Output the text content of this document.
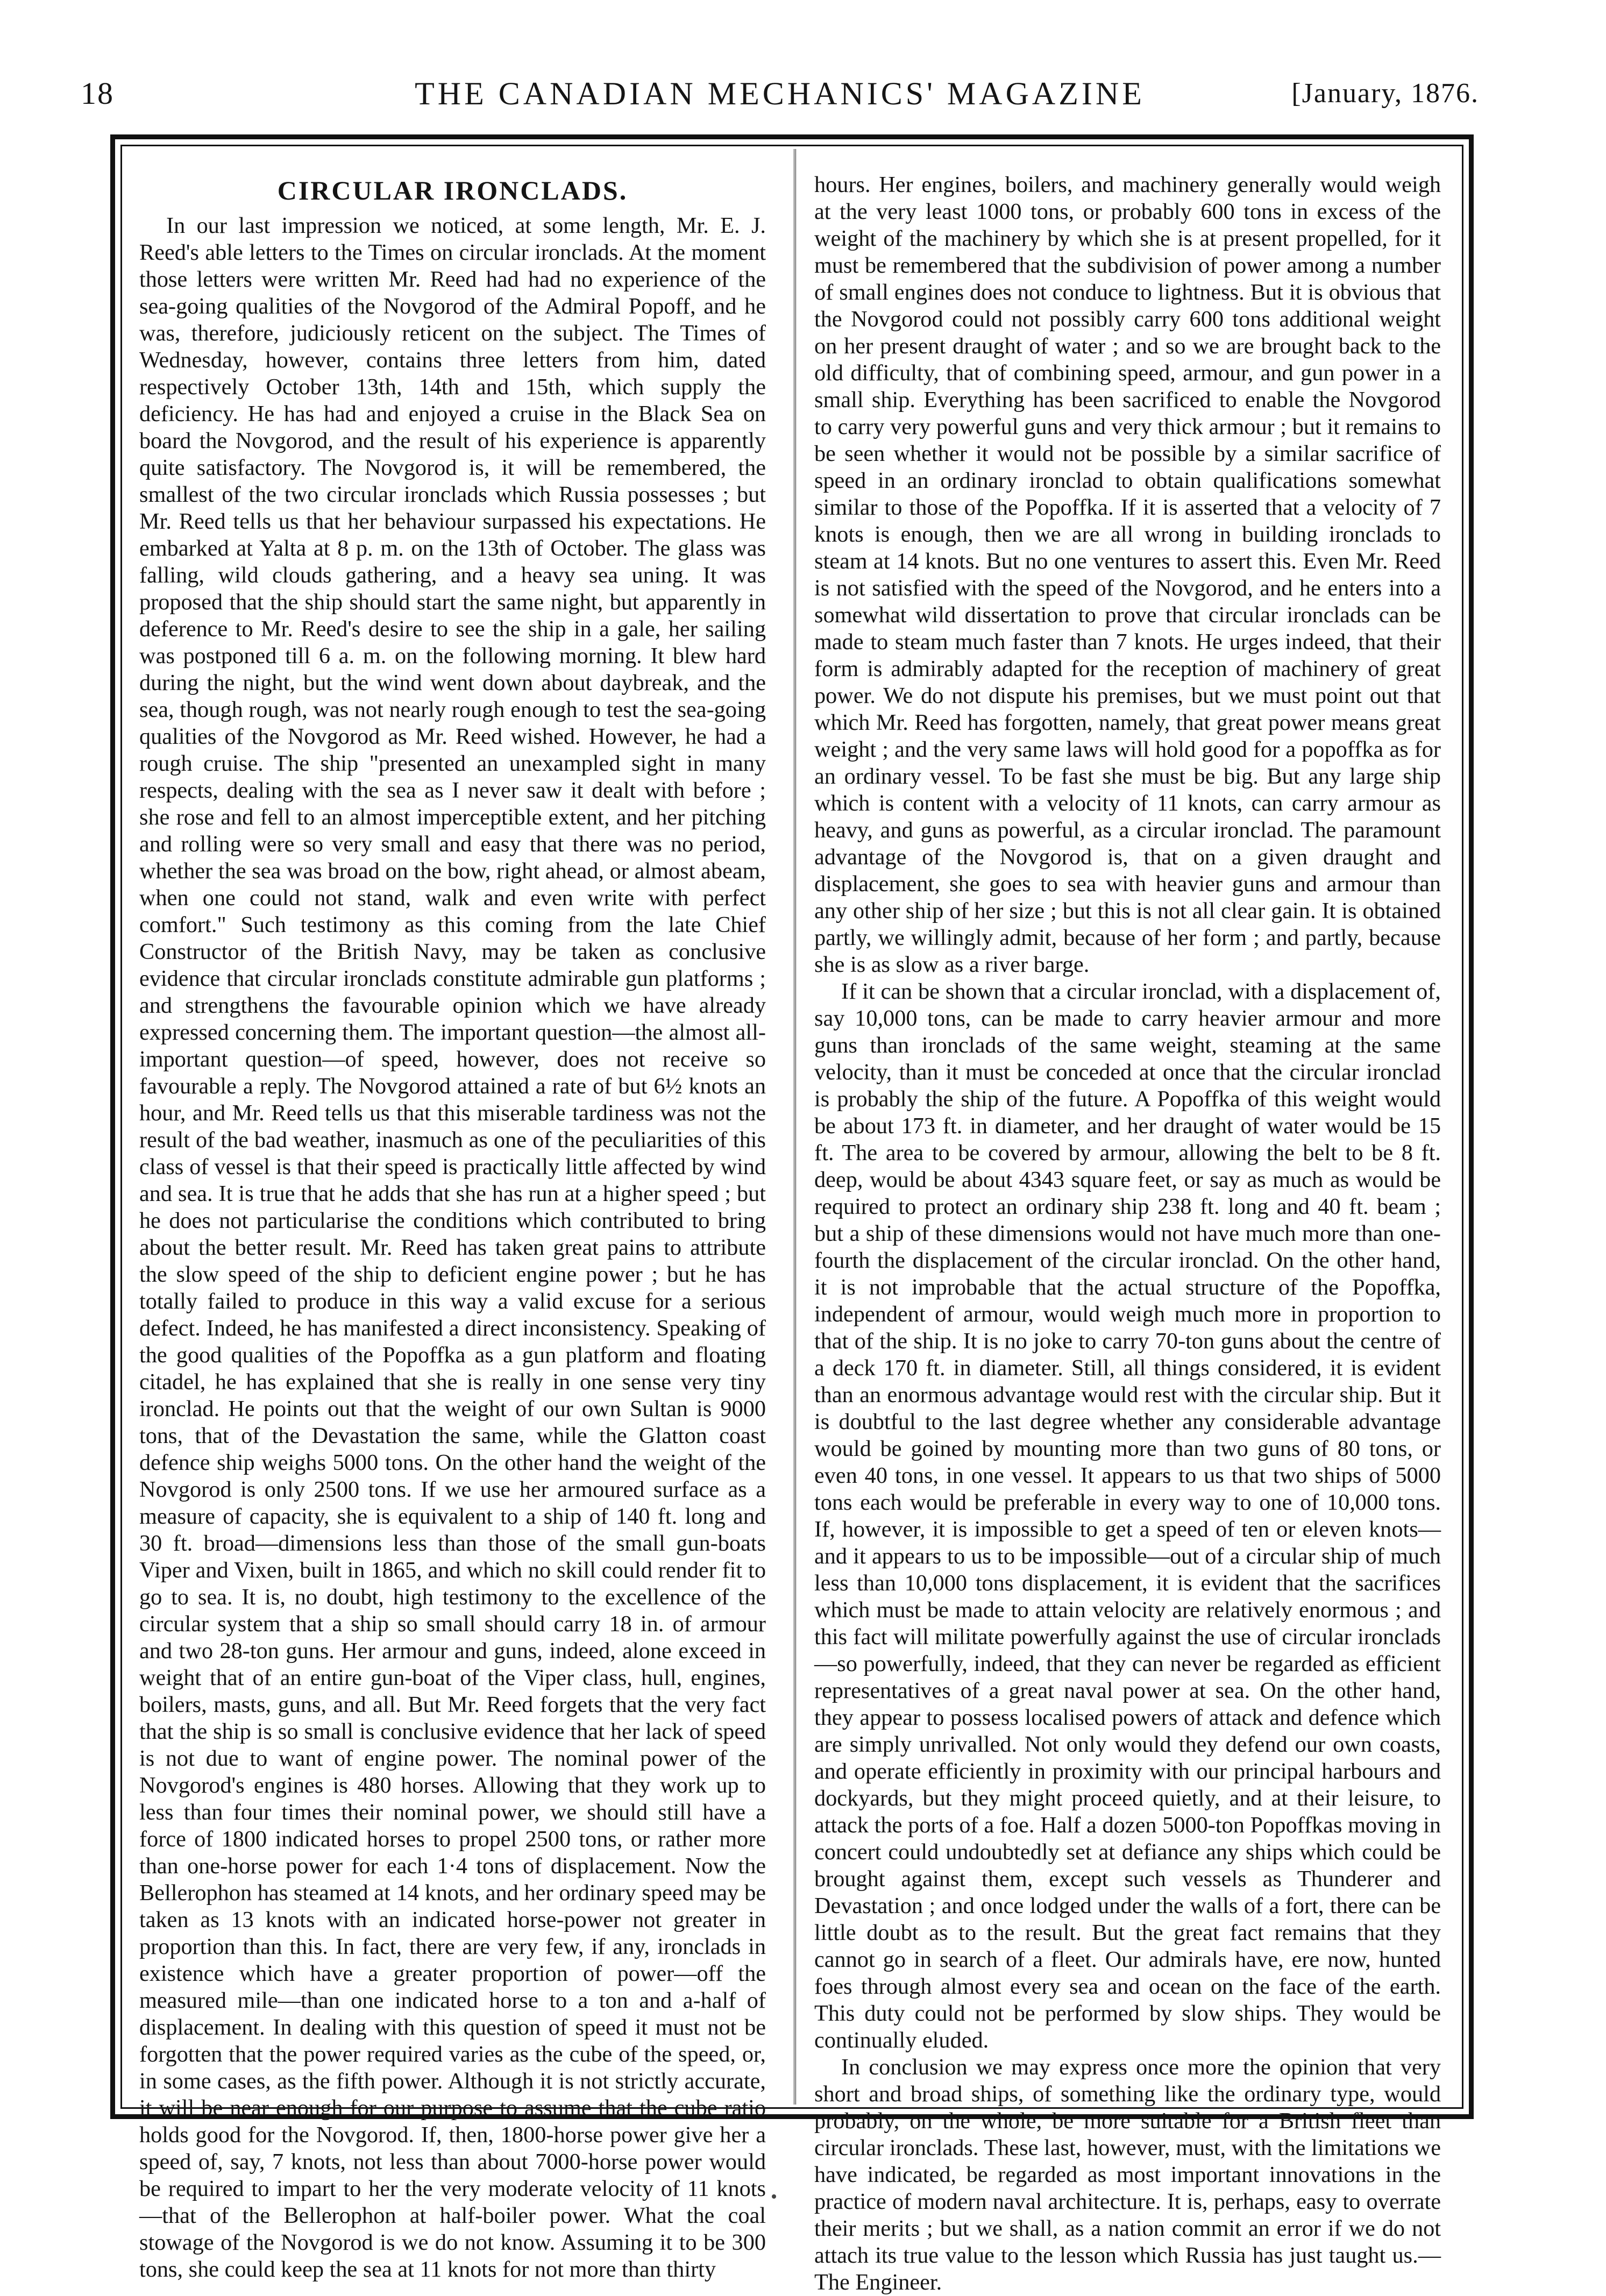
18	THE CANADIAN MECHANICS' MAGAZINE	[January, 1876.
CIRCULAR IRONCLADS.

In our last impression we noticed, at some length, Mr. E. J. Reed's able letters to the Times on circular ironclads. At the moment those letters were written Mr. Reed had had no experience of the sea-going qualities of the Novgorod of the Admiral Popoff, and he was, therefore, judiciously reticent on the subject. The Times of Wednesday, however, contains three letters from him, dated respectively October 13th, 14th and 15th, which supply the deficiency. He has had and enjoyed a cruise in the Black Sea on board the Novgorod, and the result of his experience is apparently quite satisfactory. The Novgorod is, it will be remembered, the smallest of the two circular ironclads which Russia possesses ; but Mr. Reed tells us that her behaviour surpassed his expectations. He embarked at Yalta at 8 p. m. on the 13th of October. The glass was falling, wild clouds gathering, and a heavy sea uning. It was proposed that the ship should start the same night, but apparently in deference to Mr. Reed's desire to see the ship in a gale, her sailing was postponed till 6 a. m. on the following morning. It blew hard during the night, but the wind went down about daybreak, and the sea, though rough, was not nearly rough enough to test the sea-going qualities of the Novgorod as Mr. Reed wished. However, he had a rough cruise. The ship "presented an unexampled sight in many respects, dealing with the sea as I never saw it dealt with before ; she rose and fell to an almost imperceptible extent, and her pitching and rolling were so very small and easy that there was no period, whether the sea was broad on the bow, right ahead, or almost abeam, when one could not stand, walk and even write with perfect comfort." Such testimony as this coming from the late Chief Constructor of the British Navy, may be taken as conclusive evidence that circular ironclads constitute admirable gun platforms ; and strengthens the favourable opinion which we have already expressed concerning them. The important question—the almost all-important question—of speed, however, does not receive so favourable a reply. The Novgorod attained a rate of but 6½ knots an hour, and Mr. Reed tells us that this miserable tardiness was not the result of the bad weather, inasmuch as one of the peculiarities of this class of vessel is that their speed is practically little affected by wind and sea. It is true that he adds that she has run at a higher speed ; but he does not particularise the conditions which contributed to bring about the better result. Mr. Reed has taken great pains to attribute the slow speed of the ship to deficient engine power ; but he has totally failed to produce in this way a valid excuse for a serious defect. Indeed, he has manifested a direct inconsistency. Speaking of the good qualities of the Popoffka as a gun platform and floating citadel, he has explained that she is really in one sense very tiny ironclad. He points out that the weight of our own Sultan is 9000 tons, that of the Devastation the same, while the Glatton coast defence ship weighs 5000 tons. On the other hand the weight of the Novgorod is only 2500 tons. If we use her armoured surface as a measure of capacity, she is equivalent to a ship of 140 ft. long and 30 ft. broad—dimensions less than those of the small gun-boats Viper and Vixen, built in 1865, and which no skill could render fit to go to sea. It is, no doubt, high testimony to the excellence of the circular system that a ship so small should carry 18 in. of armour and two 28-ton guns. Her armour and guns, indeed, alone exceed in weight that of an entire gun-boat of the Viper class, hull, engines, boilers, masts, guns, and all. But Mr. Reed forgets that the very fact that the ship is so small is conclusive evidence that her lack of speed is not due to want of engine power. The nominal power of the Novgorod's engines is 480 horses. Allowing that they work up to less than four times their nominal power, we should still have a force of 1800 indicated horses to propel 2500 tons, or rather more than one-horse power for each 1·4 tons of displacement. Now the Bellerophon has steamed at 14 knots, and her ordinary speed may be taken as 13 knots with an indicated horse-power not greater in proportion than this. In fact, there are very few, if any, ironclads in existence which have a greater proportion of power—off the measured mile—than one indicated horse to a ton and a-half of displacement. In dealing with this question of speed it must not be forgotten that the power required varies as the cube of the speed, or, in some cases, as the fifth power. Although it is not strictly accurate, it will be near enough for our purpose to assume that the cube ratio holds good for the Novgorod. If, then, 1800-horse power give her a speed of, say, 7 knots, not less than about 7000-horse power would be required to impart to her the very moderate velocity of 11 knots—that of the Bellerophon at half-boiler power. What the coal stowage of the Novgorod is we do not know. Assuming it to be 300 tons, she could keep the sea at 11 knots for not more than thirty

hours. Her engines, boilers, and machinery generally would weigh at the very least 1000 tons, or probably 600 tons in excess of the weight of the machinery by which she is at present propelled, for it must be remembered that the subdivision of power among a number of small engines does not conduce to lightness. But it is obvious that the Novgorod could not possibly carry 600 tons additional weight on her present draught of water ; and so we are brought back to the old difficulty, that of combining speed, armour, and gun power in a small ship. Everything has been sacrificed to enable the Novgorod to carry very powerful guns and very thick armour ; but it remains to be seen whether it would not be possible by a similar sacrifice of speed in an ordinary ironclad to obtain qualifications somewhat similar to those of the Popoffka. If it is asserted that a velocity of 7 knots is enough, then we are all wrong in building ironclads to steam at 14 knots. But no one ventures to assert this. Even Mr. Reed is not satisfied with the speed of the Novgorod, and he enters into a somewhat wild dissertation to prove that circular ironclads can be made to steam much faster than 7 knots. He urges indeed, that their form is admirably adapted for the reception of machinery of great power. We do not dispute his premises, but we must point out that which Mr. Reed has forgotten, namely, that great power means great weight ; and the very same laws will hold good for a popoffka as for an ordinary vessel. To be fast she must be big. But any large ship which is content with a velocity of 11 knots, can carry armour as heavy, and guns as powerful, as a circular ironclad. The paramount advantage of the Novgorod is, that on a given draught and displacement, she goes to sea with heavier guns and armour than any other ship of her size ; but this is not all clear gain. It is obtained partly, we willingly admit, because of her form ; and partly, because she is as slow as a river barge.

If it can be shown that a circular ironclad, with a displacement of, say 10,000 tons, can be made to carry heavier armour and more guns than ironclads of the same weight, steaming at the same velocity, than it must be conceded at once that the circular ironclad is probably the ship of the future. A Popoffka of this weight would be about 173 ft. in diameter, and her draught of water would be 15 ft. The area to be covered by armour, allowing the belt to be 8 ft. deep, would be about 4343 square feet, or say as much as would be required to protect an ordinary ship 238 ft. long and 40 ft. beam ; but a ship of these dimensions would not have much more than one-fourth the displacement of the circular ironclad. On the other hand, it is not improbable that the actual structure of the Popoffka, independent of armour, would weigh much more in proportion to that of the ship. It is no joke to carry 70-ton guns about the centre of a deck 170 ft. in diameter. Still, all things considered, it is evident than an enormous advantage would rest with the circular ship. But it is doubtful to the last degree whether any considerable advantage would be goined by mounting more than two guns of 80 tons, or even 40 tons, in one vessel. It appears to us that two ships of 5000 tons each would be preferable in every way to one of 10,000 tons. If, however, it is impossible to get a speed of ten or eleven knots—and it appears to us to be impossible—out of a circular ship of much less than 10,000 tons displacement, it is evident that the sacrifices which must be made to attain velocity are relatively enormous ; and this fact will militate powerfully against the use of circular ironclads—so powerfully, indeed, that they can never be regarded as efficient representatives of a great naval power at sea. On the other hand, they appear to possess localised powers of attack and defence which are simply unrivalled. Not only would they defend our own coasts, and operate efficiently in proximity with our principal harbours and dockyards, but they might proceed quietly, and at their leisure, to attack the ports of a foe. Half a dozen 5000-ton Popoffkas moving in concert could undoubtedly set at defiance any ships which could be brought against them, except such vessels as Thunderer and Devastation ; and once lodged under the walls of a fort, there can be little doubt as to the result. But the great fact remains that they cannot go in search of a fleet. Our admirals have, ere now, hunted foes through almost every sea and ocean on the face of the earth. This duty could not be performed by slow ships. They would be continually eluded.

In conclusion we may express once more the opinion that very short and broad ships, of something like the ordinary type, would probably, on the whole, be more suitable for a British fleet than circular ironclads. These last, however, must, with the limitations we have indicated, be regarded as most important innovations in the practice of modern naval architecture. It is, perhaps, easy to overrate their merits ; but we shall, as a nation commit an error if we do not attach its true value to the lesson which Russia has just taught us.—The Engineer.
